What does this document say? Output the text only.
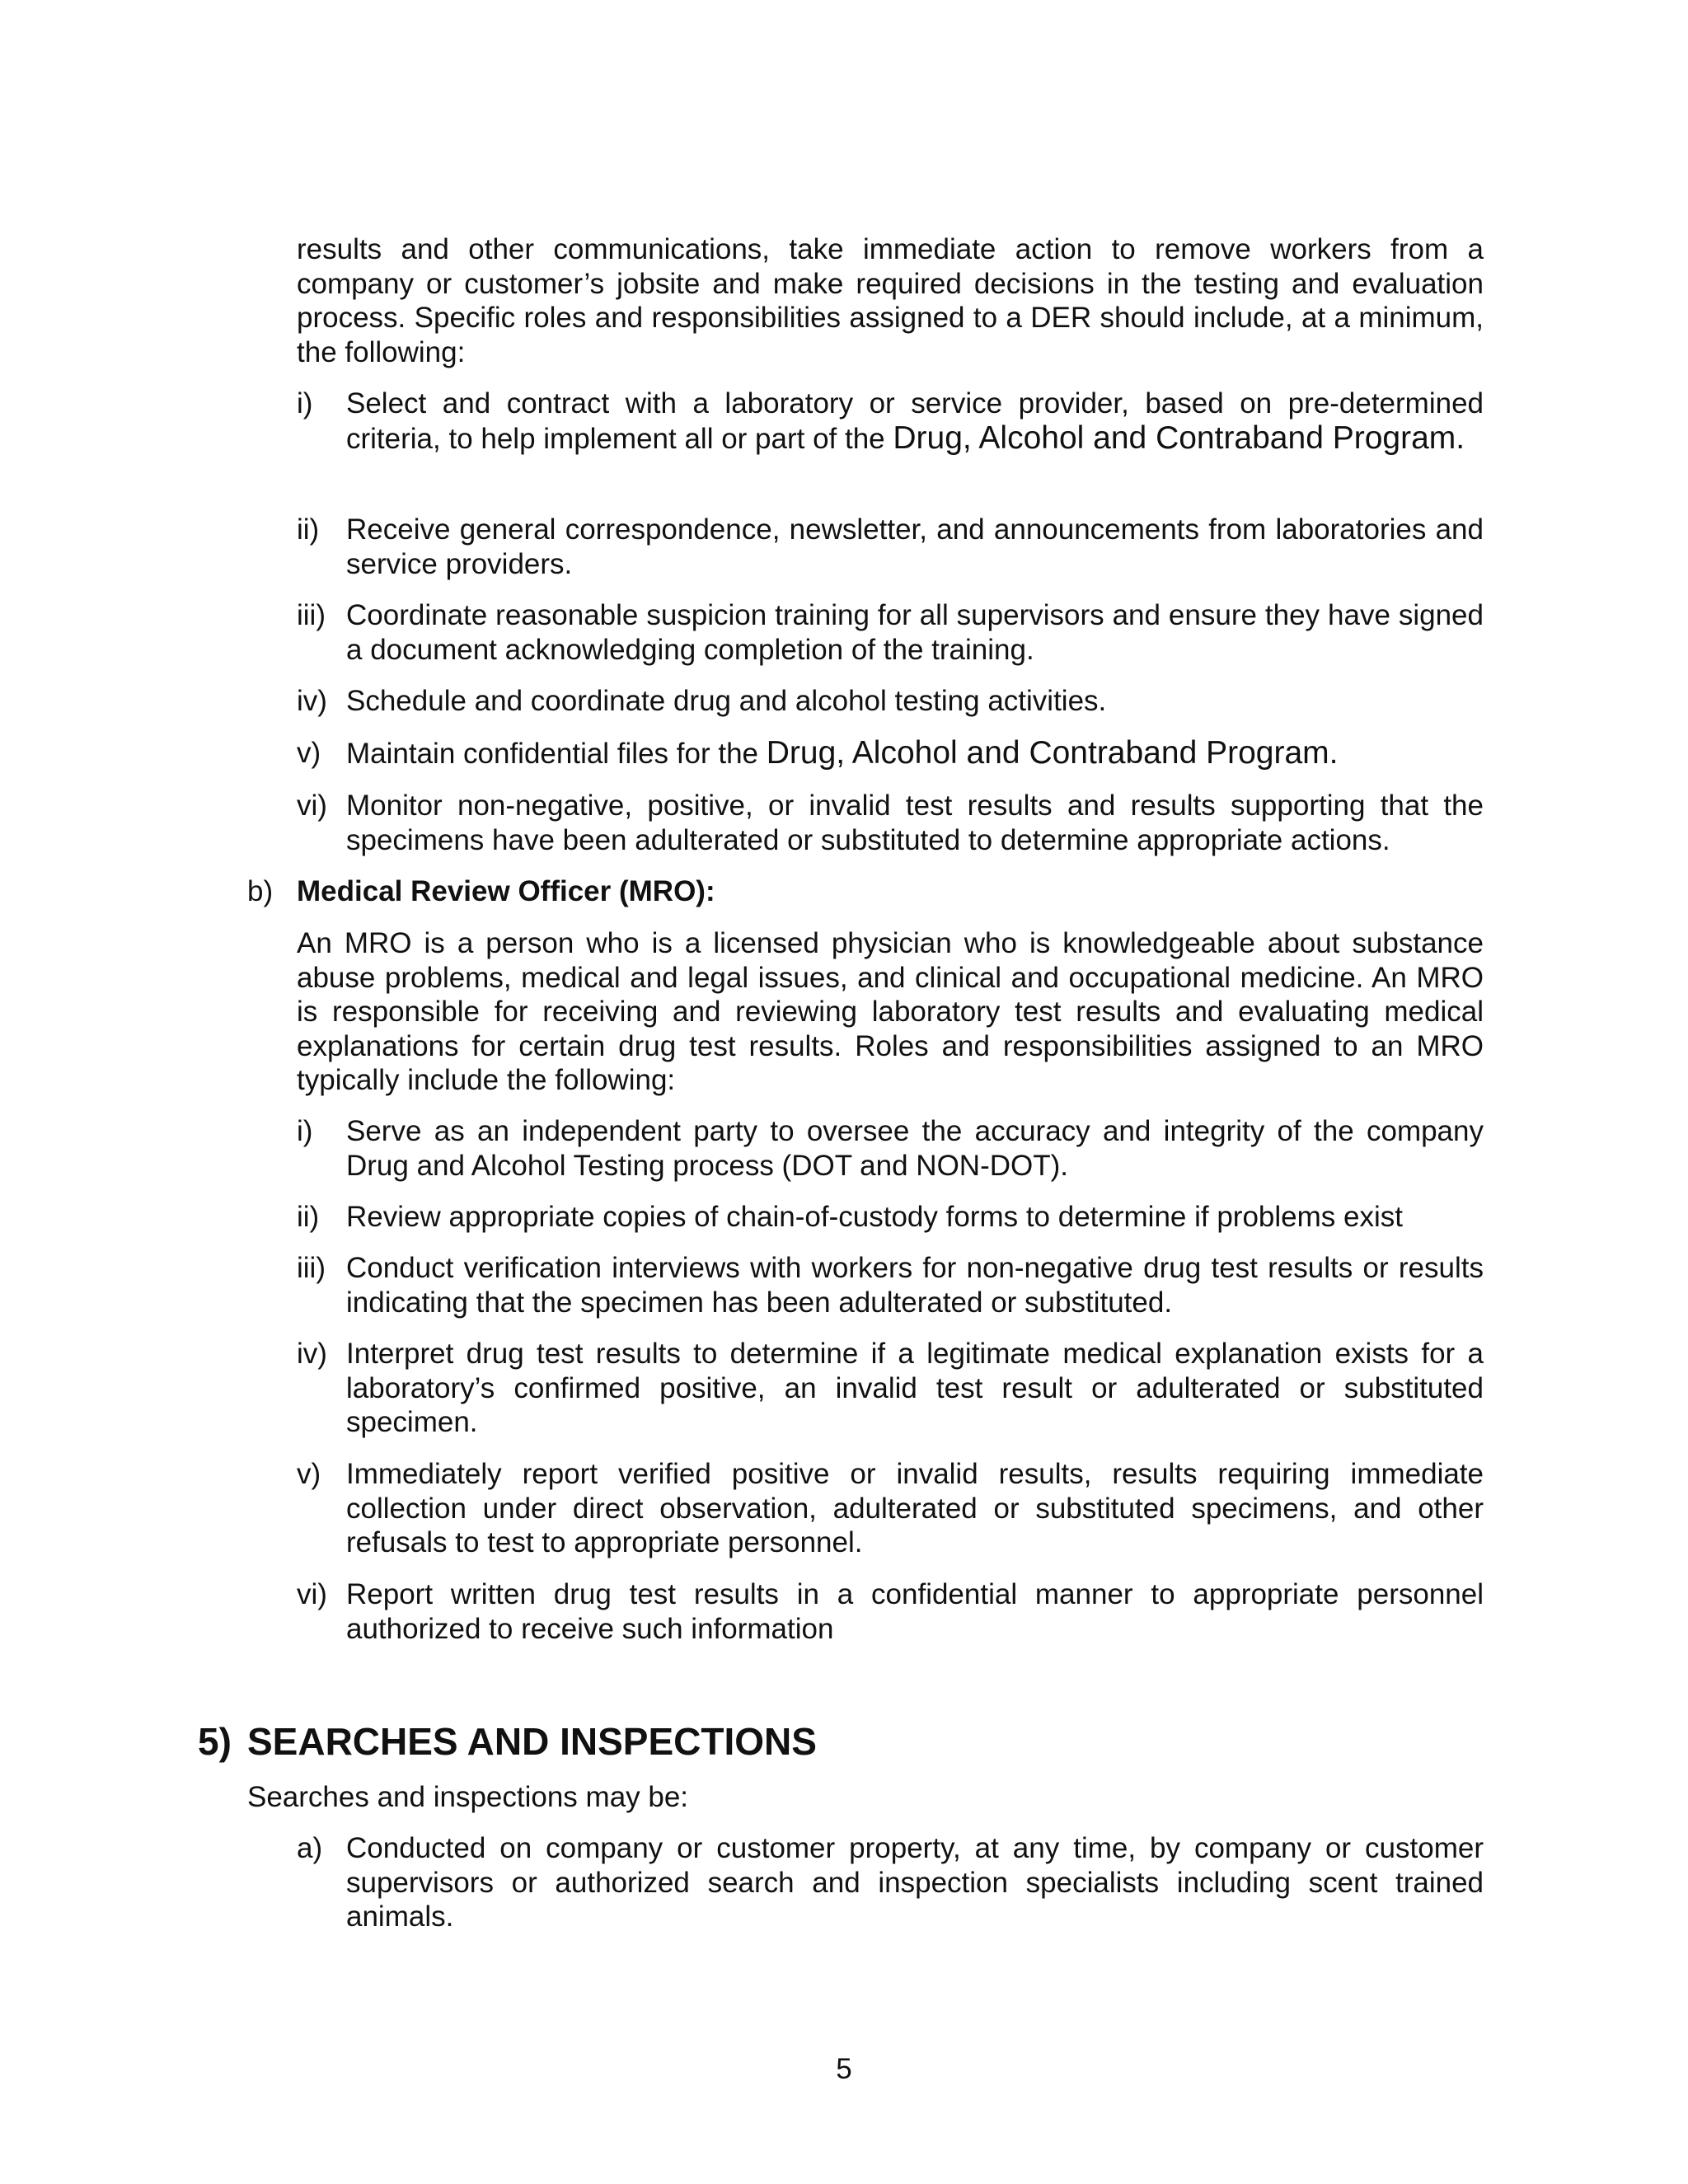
results and other communications, take immediate action to remove workers from a company or customer’s jobsite and make required decisions in the testing and evaluation process. Specific roles and responsibilities assigned to a DER should include, at a minimum, the following:

i)	Select and contract with a laboratory or service provider, based on pre-determined criteria, to help implement all or part of the Drug, Alcohol and Contraband Program.
ii) Receive general correspondence, newsletter, and announcements from laboratories and service providers.
iii) Coordinate reasonable suspicion training for all supervisors and ensure they have signed a document acknowledging completion of the training.
iv) Schedule and coordinate drug and alcohol testing activities.
v) Maintain confidential files for the Drug, Alcohol and Contraband Program.
vi) Monitor non-negative, positive, or invalid test results and results supporting that the specimens have been adulterated or substituted to determine appropriate actions.
b) Medical Review Officer (MRO):

An MRO is a person who is a licensed physician who is knowledgeable about substance abuse problems, medical and legal issues, and clinical and occupational medicine. An MRO is responsible for receiving and reviewing laboratory test results and evaluating medical explanations for certain drug test results. Roles and responsibilities assigned to an MRO typically include the following:

i)	Serve as an independent party to oversee the accuracy and integrity of the company Drug and Alcohol Testing process (DOT and NON-DOT).
ii) Review appropriate copies of chain-of-custody forms to determine if problems exist
iii) Conduct verification interviews with workers for non-negative drug test results or results indicating that the specimen has been adulterated or substituted.
iv) Interpret drug test results to determine if a legitimate medical explanation exists for a laboratory’s confirmed positive, an invalid test result or adulterated or substituted specimen.
v) Immediately report verified positive or invalid results, results requiring immediate collection under direct observation, adulterated or substituted specimens, and other refusals to test to appropriate personnel.
vi) Report written drug test results in a confidential manner to appropriate personnel authorized to receive such information
5) SEARCHES AND INSPECTIONS

Searches and inspections may be:

a) Conducted on company or customer property, at any time, by company or customer supervisors or authorized search and inspection specialists including scent trained animals.
5
